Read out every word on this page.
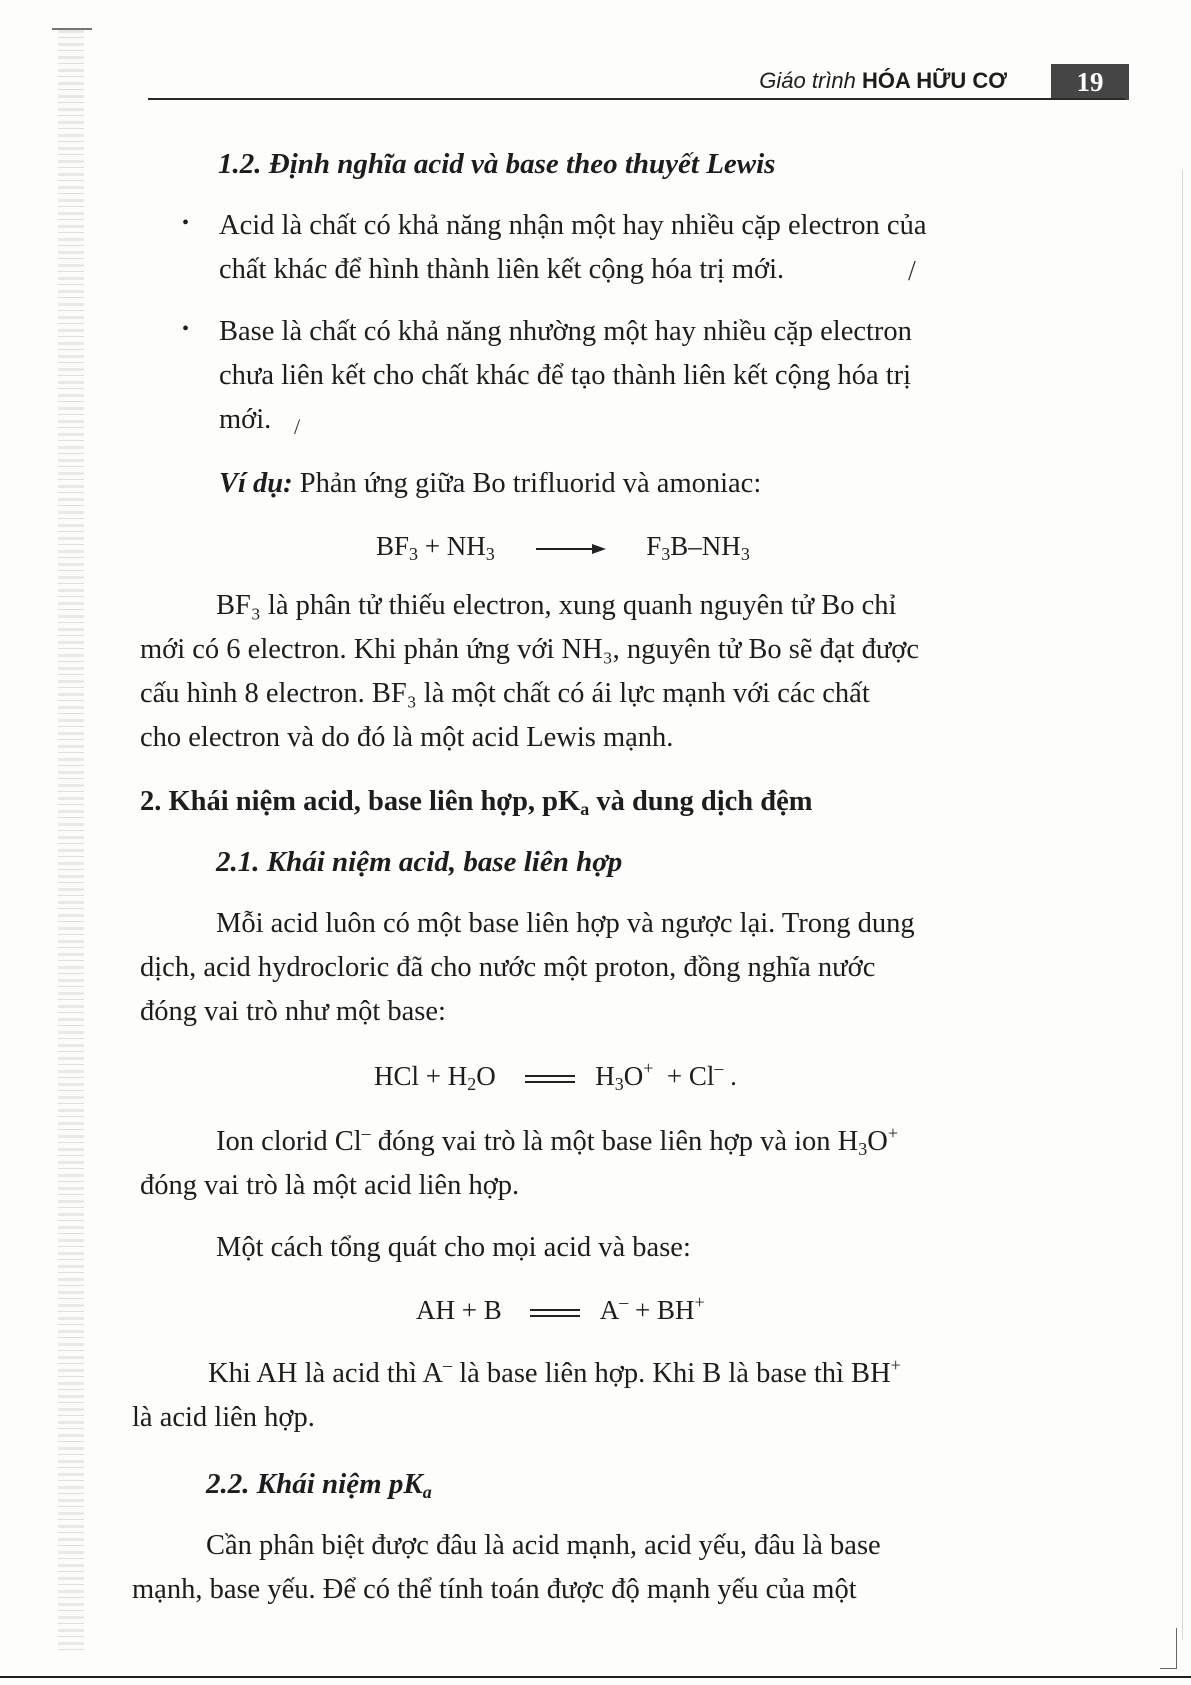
Giáo trình HÓA HỮU CƠ	19
1.2. Định nghĩa acid và base theo thuyết Lewis
• Acid là chất có khả năng nhận một hay nhiều cặp electron của
chất khác để hình thành liên kết cộng hóa trị mới.	/
• Base là chất có khả năng nhường một hay nhiều cặp electron
chưa liên kết cho chất khác để tạo thành liên kết cộng hóa trị
mới. /
Ví dụ: Phản ứng giữa Bo trifluorid và amoniac:
$BF_3 + NH_3$	$F_3B-NH_3$
BF₃ là phân tử thiếu electron, xung quanh nguyên tử Bo chỉ
mới có 6 electron. Khi phản ứng với NH₃, nguyên tử Bo sẽ đạt được
cấu hình 8 electron. BF₃ là một chất có ái lực mạnh với các chất
cho electron và do đó là một acid Lewis mạnh.
2. Khái niệm acid, base liên hợp, $pK_a$ và dung dịch đệm
2.1. Khái niệm acid, base liên hợp
Mỗi acid luôn có một base liên hợp và ngược lại. Trong dung
dịch, acid hydrocloric đã cho nước một proton, đồng nghĩa nước
đóng vai trò như một base:
HCl + $H_2O$	$H_3O^+ + Cl^-$ .
Ion clorid Cl– đóng vai trò là một base liên hợp và ion $H_3O^+$
đóng vai trò là một acid liên hợp.
Một cách tổng quát cho mọi acid và base:
AH + B	A– + BH+
Khi AH là acid thì A– là base liên hợp. Khi B là base thì BH+
là acid liên hợp.
2.2. Khái niệm $pK_a$
Cần phân biệt được đâu là acid mạnh, acid yếu, đâu là base
mạnh, base yếu. Để có thể tính toán được độ mạnh yếu của một
